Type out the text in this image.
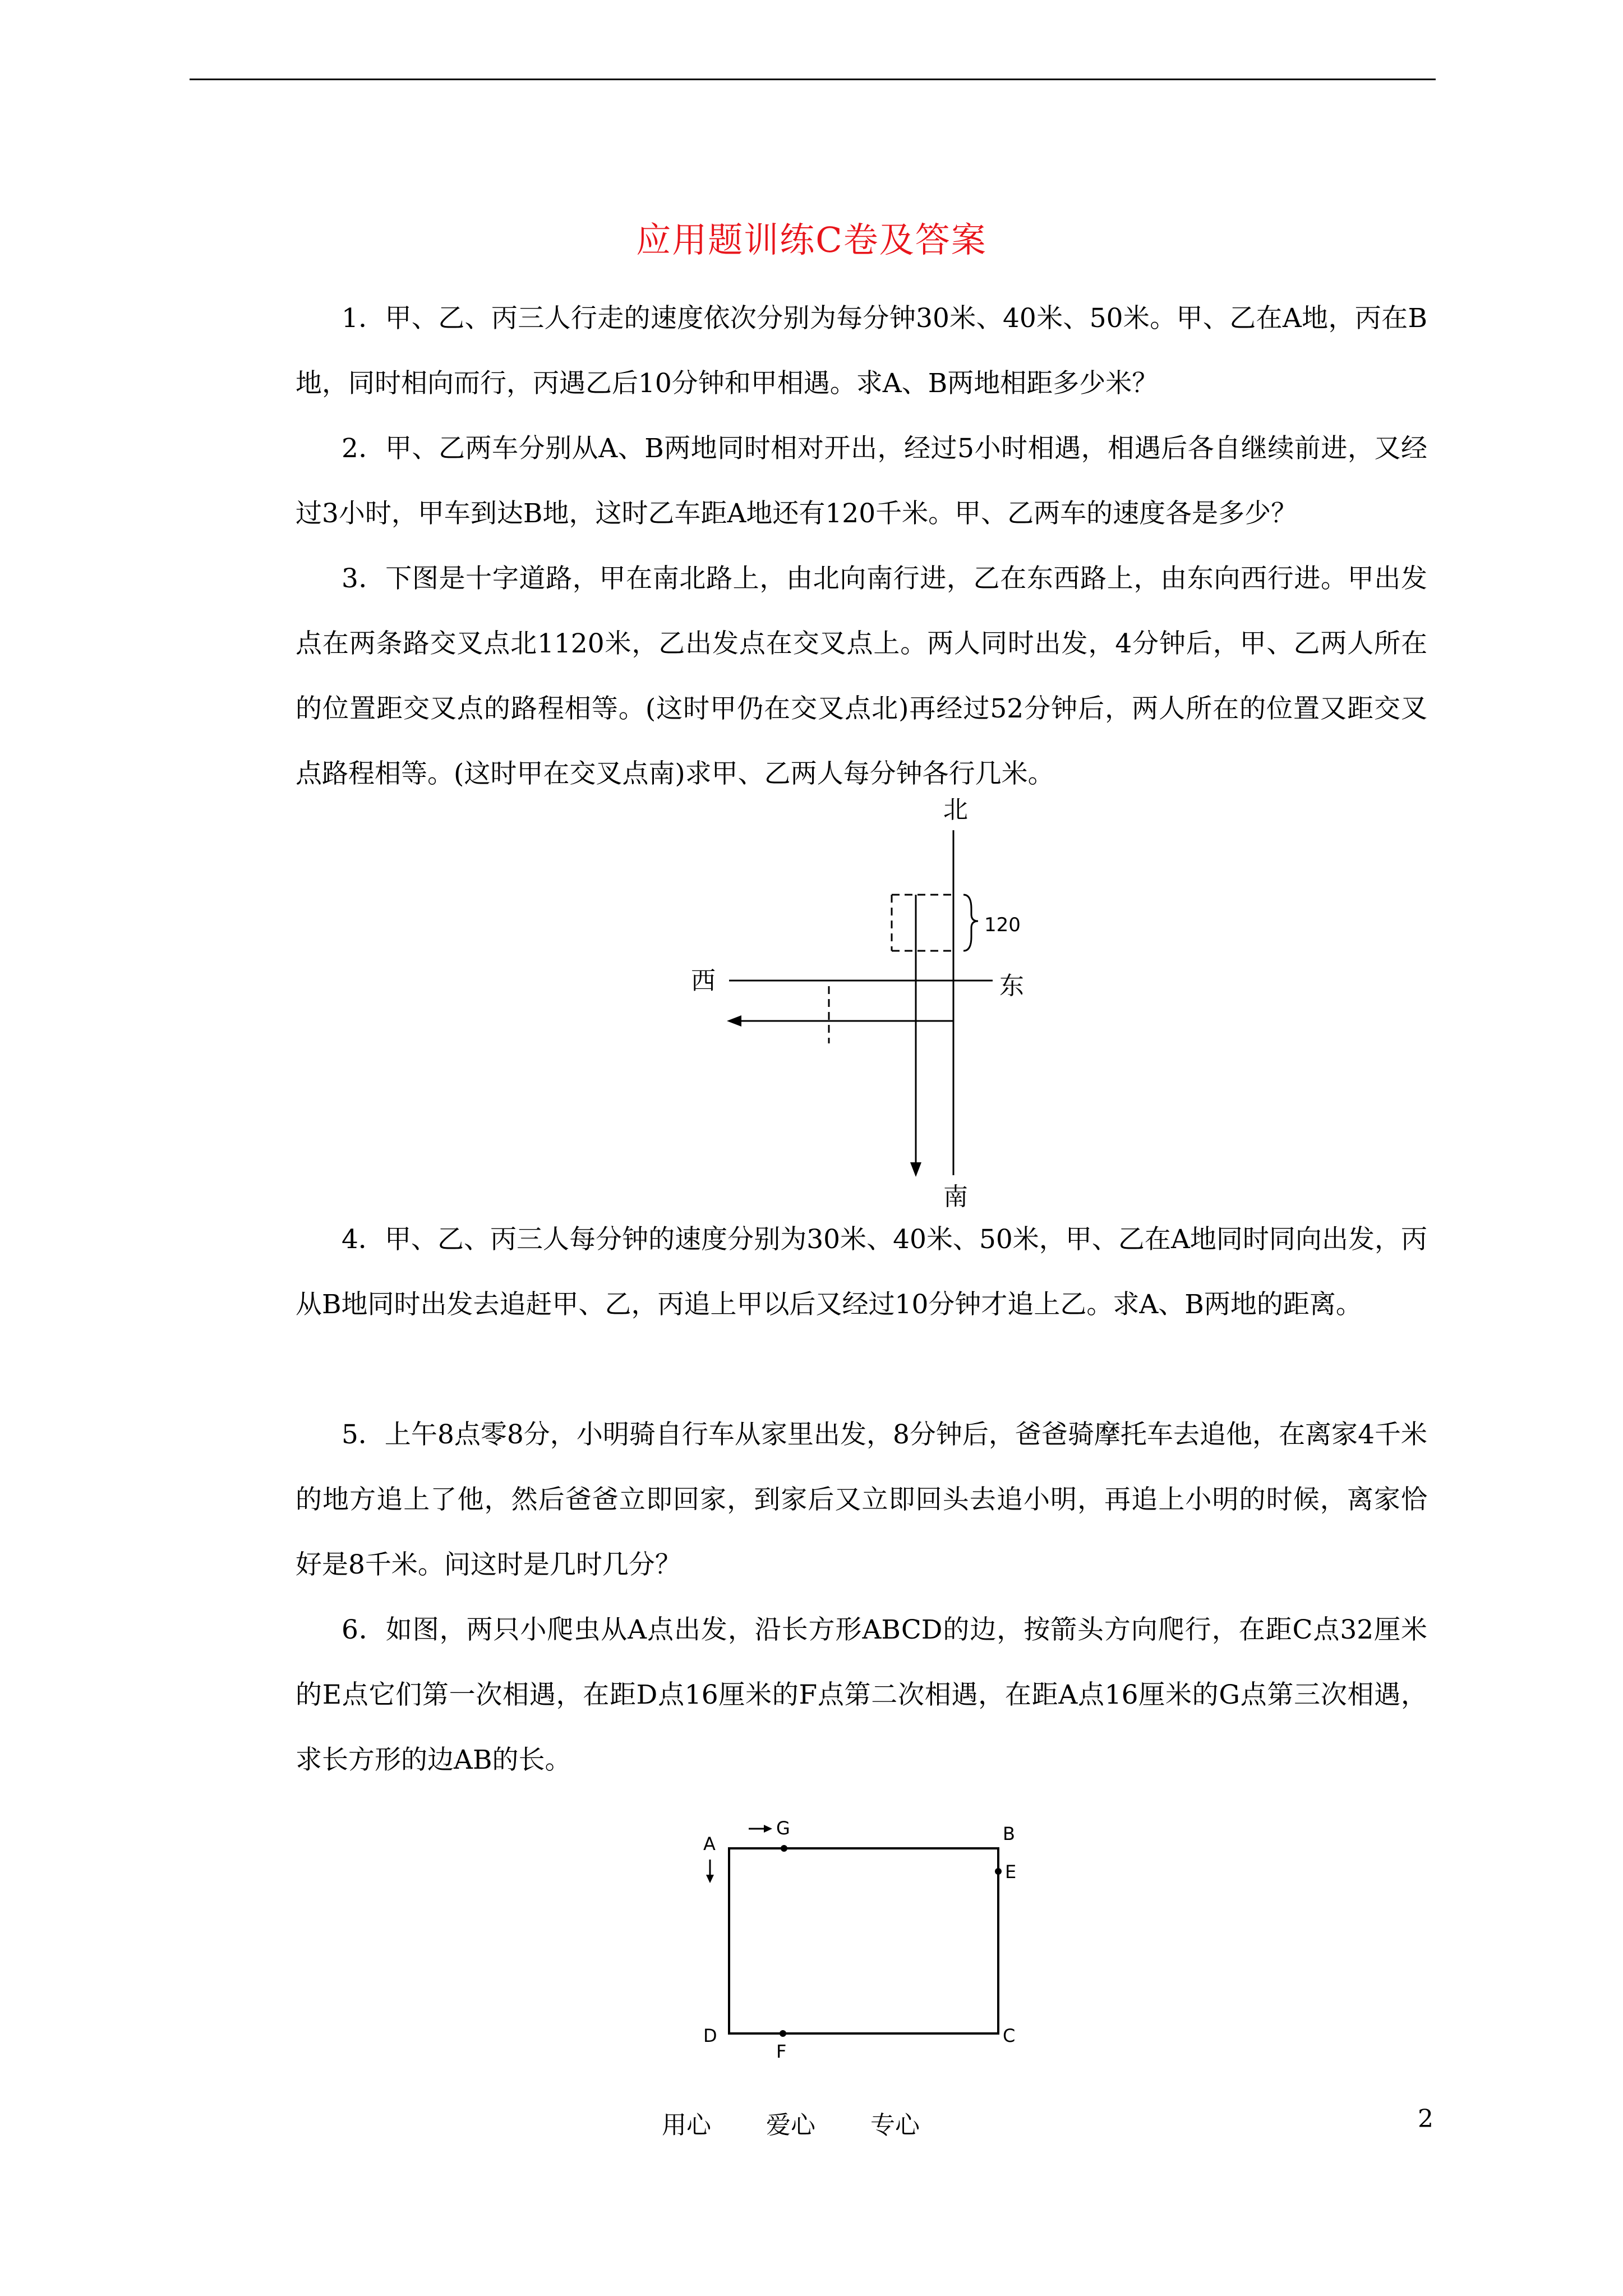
应用题训练C卷及答案

1．甲、乙、丙三人行走的速度依次分别为每分钟30米、40米、50米。甲、乙在A地，丙在B地，同时相向而行，丙遇乙后10分钟和甲相遇。求A、B两地相距多少米？

2．甲、乙两车分别从A、B两地同时相对开出，经过5小时相遇，相遇后各自继续前进，又经过3小时，甲车到达B地，这时乙车距A地还有120千米。甲、乙两车的速度各是多少？

3．下图是十字道路，甲在南北路上，由北向南行进，乙在东西路上，由东向西行进。甲出发点在两条路交叉点北1120米，乙出发点在交叉点上。两人同时出发，4分钟后，甲、乙两人所在的位置距交叉点的路程相等。(这时甲仍在交叉点北)再经过52分钟后，两人所在的位置又距交叉点路程相等。(这时甲在交叉点南)求甲、乙两人每分钟各行几米。

北
南
西	东
120

4．甲、乙、丙三人每分钟的速度分别为30米、40米、50米，甲、乙在A地同时同向出发，丙从B地同时出发去追赶甲、乙，丙追上甲以后又经过10分钟才追上乙。求A、B两地的距离。

5．上午8点零8分，小明骑自行车从家里出发，8分钟后，爸爸骑摩托车去追他，在离家4千米的地方追上了他，然后爸爸立即回家，到家后又立即回头去追小明，再追上小明的时候，离家恰好是8千米。问这时是几时几分？

6．如图，两只小爬虫从A点出发，沿长方形ABCD的边，按箭头方向爬行，在距C点32厘米的E点它们第一次相遇，在距D点16厘米的F点第二次相遇，在距A点16厘米的G点第三次相遇，求长方形的边AB的长。

A
G	B
E
D	C
F
用心 爱心 专心	2
